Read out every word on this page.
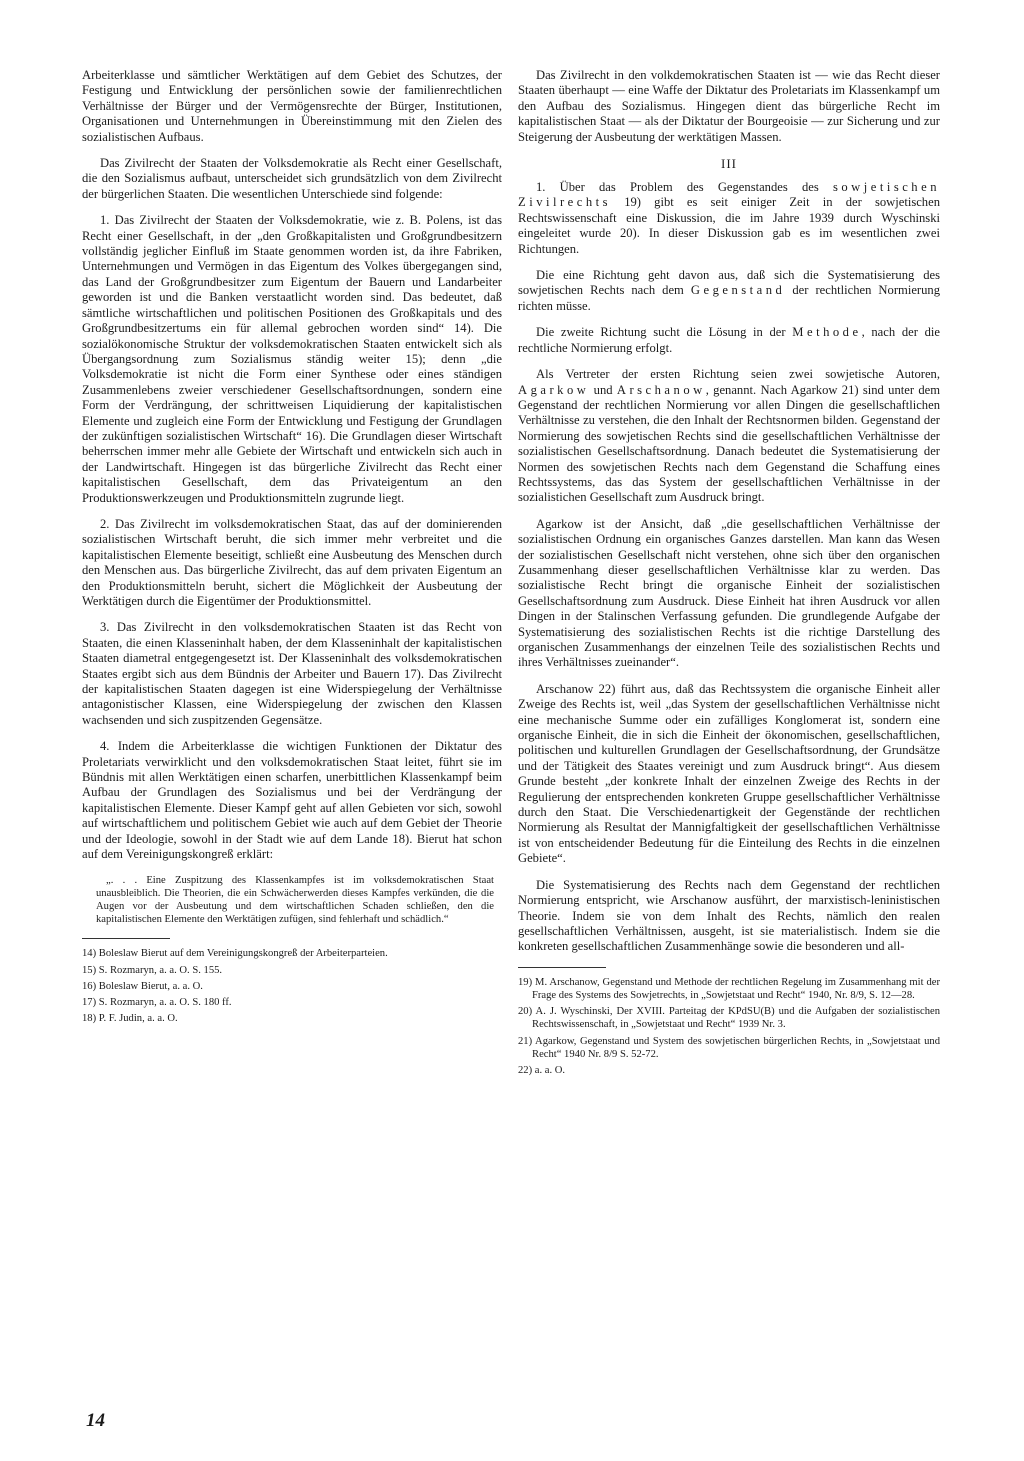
Arbeiterklasse und sämtlicher Werktätigen auf dem Gebiet des Schutzes, der Festigung und Entwicklung der persönlichen sowie der familienrechtlichen Verhältnisse der Bürger und der Vermögensrechte der Bürger, Institutionen, Organisationen und Unternehmungen in Übereinstimmung mit den Zielen des sozialistischen Aufbaus.

Das Zivilrecht der Staaten der Volksdemokratie als Recht einer Gesellschaft, die den Sozialismus aufbaut, unterscheidet sich grundsätzlich von dem Zivilrecht der bürgerlichen Staaten. Die wesentlichen Unterschiede sind folgende:

1. Das Zivilrecht der Staaten der Volksdemokratie, wie z. B. Polens, ist das Recht einer Gesellschaft, in der „den Großkapitalisten und Großgrundbesitzern vollständig jeglicher Einfluß im Staate genommen worden ist, da ihre Fabriken, Unternehmungen und Vermögen in das Eigentum des Volkes übergegangen sind, das Land der Großgrundbesitzer zum Eigentum der Bauern und Landarbeiter geworden ist und die Banken verstaatlicht worden sind. Das bedeutet, daß sämtliche wirtschaftlichen und politischen Positionen des Großkapitals und des Großgrundbesitzertums ein für allemal gebrochen worden sind“ 14). Die sozialökonomische Struktur der volksdemokratischen Staaten entwickelt sich als Übergangsordnung zum Sozialismus ständig weiter 15); denn „die Volksdemokratie ist nicht die Form einer Synthese oder eines ständigen Zusammenlebens zweier verschiedener Gesellschaftsordnungen, sondern eine Form der Verdrängung, der schrittweisen Liquidierung der kapitalistischen Elemente und zugleich eine Form der Entwicklung und Festigung der Grundlagen der zukünftigen sozialistischen Wirtschaft“ 16). Die Grundlagen dieser Wirtschaft beherrschen immer mehr alle Gebiete der Wirtschaft und entwickeln sich auch in der Landwirtschaft. Hingegen ist das bürgerliche Zivilrecht das Recht einer kapitalistischen Gesellschaft, dem das Privateigentum an den Produktionswerkzeugen und Produktionsmitteln zugrunde liegt.

2. Das Zivilrecht im volksdemokratischen Staat, das auf der dominierenden sozialistischen Wirtschaft beruht, die sich immer mehr verbreitet und die kapitalistischen Elemente beseitigt, schließt eine Ausbeutung des Menschen durch den Menschen aus. Das bürgerliche Zivilrecht, das auf dem privaten Eigentum an den Produktionsmitteln beruht, sichert die Möglichkeit der Ausbeutung der Werktätigen durch die Eigentümer der Produktionsmittel.

3. Das Zivilrecht in den volksdemokratischen Staaten ist das Recht von Staaten, die einen Klasseninhalt haben, der dem Klasseninhalt der kapitalistischen Staaten diametral entgegengesetzt ist. Der Klasseninhalt des volksdemokratischen Staates ergibt sich aus dem Bündnis der Arbeiter und Bauern 17). Das Zivilrecht der kapitalistischen Staaten dagegen ist eine Widerspiegelung der Verhältnisse antagonistischer Klassen, eine Widerspiegelung der zwischen den Klassen wachsenden und sich zuspitzenden Gegensätze.

4. Indem die Arbeiterklasse die wichtigen Funktionen der Diktatur des Proletariats verwirklicht und den volksdemokratischen Staat leitet, führt sie im Bündnis mit allen Werktätigen einen scharfen, unerbittlichen Klassenkampf beim Aufbau der Grundlagen des Sozialismus und bei der Verdrängung der kapitalistischen Elemente. Dieser Kampf geht auf allen Gebieten vor sich, sowohl auf wirtschaftlichem und politischem Gebiet wie auch auf dem Gebiet der Theorie und der Ideologie, sowohl in der Stadt wie auf dem Lande 18). Bierut hat schon auf dem Vereinigungskongreß erklärt:

„. . . Eine Zuspitzung des Klassenkampfes ist im volksdemokratischen Staat unausbleiblich. Die Theorien, die ein Schwächerwerden dieses Kampfes verkünden, die die Augen vor der Ausbeutung und dem wirtschaftlichen Schaden schließen, den die kapitalistischen Elemente den Werktätigen zufügen, sind fehlerhaft und schädlich.“
14) Boleslaw Bierut auf dem Vereinigungskongreß der Arbeiterparteien.
15) S. Rozmaryn, a. a. O. S. 155.
16) Boleslaw Bierut, a. a. O.
17) S. Rozmaryn, a. a. O. S. 180 ff.
18) P. F. Judin, a. a. O.

Das Zivilrecht in den volkdemokratischen Staaten ist — wie das Recht dieser Staaten überhaupt — eine Waffe der Diktatur des Proletariats im Klassenkampf um den Aufbau des Sozialismus. Hingegen dient das bürgerliche Recht im kapitalistischen Staat — als der Diktatur der Bourgeoisie — zur Sicherung und zur Steigerung der Ausbeutung der werktätigen Massen.

III

1. Über das Problem des Gegenstandes des sowjetischen Zivilrechts 19) gibt es seit einiger Zeit in der sowjetischen Rechtswissenschaft eine Diskussion, die im Jahre 1939 durch Wyschinski eingeleitet wurde 20). In dieser Diskussion gab es im wesentlichen zwei Richtungen.

Die eine Richtung geht davon aus, daß sich die Systematisierung des sowjetischen Rechts nach dem Gegenstand der rechtlichen Normierung richten müsse.

Die zweite Richtung sucht die Lösung in der Methode, nach der die rechtliche Normierung erfolgt.

Als Vertreter der ersten Richtung seien zwei sowjetische Autoren, Agarkow und Arschanow, genannt. Nach Agarkow 21) sind unter dem Gegenstand der rechtlichen Normierung vor allen Dingen die gesellschaftlichen Verhältnisse zu verstehen, die den Inhalt der Rechtsnormen bilden. Gegenstand der Normierung des sowjetischen Rechts sind die gesellschaftlichen Verhältnisse der sozialistischen Gesellschaftsordnung. Danach bedeutet die Systematisierung der Normen des sowjetischen Rechts nach dem Gegenstand die Schaffung eines Rechtssystems, das das System der gesellschaftlichen Verhältnisse in der sozialistichen Gesellschaft zum Ausdruck bringt.

Agarkow ist der Ansicht, daß „die gesellschaftlichen Verhältnisse der sozialistischen Ordnung ein organisches Ganzes darstellen. Man kann das Wesen der sozialistischen Gesellschaft nicht verstehen, ohne sich über den organischen Zusammenhang dieser gesellschaftlichen Verhältnisse klar zu werden. Das sozialistische Recht bringt die organische Einheit der sozialistischen Gesellschaftsordnung zum Ausdruck. Diese Einheit hat ihren Ausdruck vor allen Dingen in der Stalinschen Verfassung gefunden. Die grundlegende Aufgabe der Systematisierung des sozialistischen Rechts ist die richtige Darstellung des organischen Zusammenhangs der einzelnen Teile des sozialistischen Rechts und ihres Verhältnisses zueinander“.

Arschanow 22) führt aus, daß das Rechtssystem die organische Einheit aller Zweige des Rechts ist, weil „das System der gesellschaftlichen Verhältnisse nicht eine mechanische Summe oder ein zufälliges Konglomerat ist, sondern eine organische Einheit, die in sich die Einheit der ökonomischen, gesellschaftlichen, politischen und kulturellen Grundlagen der Gesellschaftsordnung, der Grundsätze und der Tätigkeit des Staates vereinigt und zum Ausdruck bringt“. Aus diesem Grunde besteht „der konkrete Inhalt der einzelnen Zweige des Rechts in der Regulierung der entsprechenden konkreten Gruppe gesellschaftlicher Verhältnisse durch den Staat. Die Verschiedenartigkeit der Gegenstände der rechtlichen Normierung als Resultat der Mannigfaltigkeit der gesellschaftlichen Verhältnisse ist von entscheidender Bedeutung für die Einteilung des Rechts in die einzelnen Gebiete“.

Die Systematisierung des Rechts nach dem Gegenstand der rechtlichen Normierung entspricht, wie Arschanow ausführt, der marxistisch-leninistischen Theorie. Indem sie von dem Inhalt des Rechts, nämlich den realen gesellschaftlichen Verhältnissen, ausgeht, ist sie materialistisch. Indem sie die konkreten gesellschaftlichen Zusammenhänge sowie die besonderen und all-

19) M. Arschanow, Gegenstand und Methode der rechtlichen Regelung im Zusammenhang mit der Frage des Systems des Sowjetrechts, in „Sowjetstaat und Recht“ 1940, Nr. 8/9, S. 12—28.
20) A. J. Wyschinski, Der XVIII. Parteitag der KPdSU(B) und die Aufgaben der sozialistischen Rechtswissenschaft, in „Sowjetstaat und Recht“ 1939 Nr. 3.
21) Agarkow, Gegenstand und System des sowjetischen bürgerlichen Rechts, in „Sowjetstaat und Recht“ 1940 Nr. 8/9 S. 52-72.
22) a. a. O.
14
